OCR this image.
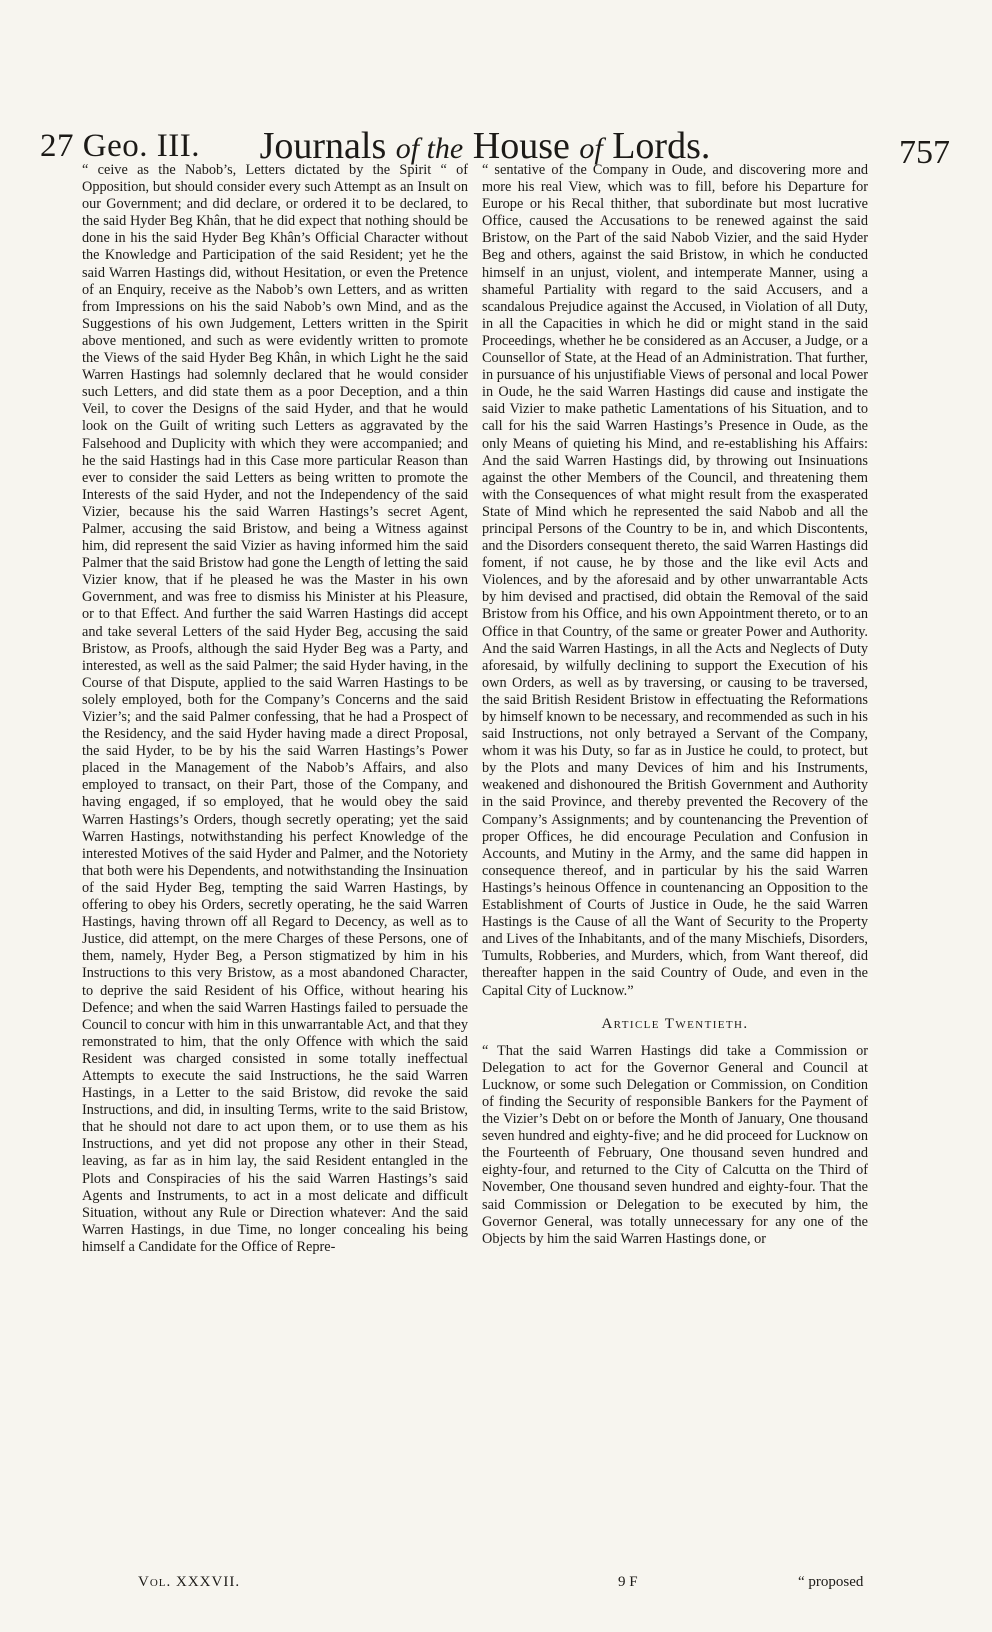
27 Geo. III.	Journals of the House of Lords.	757

“ ceive as the Nabob’s, Letters dictated by the Spirit “ of Opposition, but should consider every such Attempt as an Insult on our Government; and did declare, or ordered it to be declared, to the said Hyder Beg Khân, that he did expect that nothing should be done in his the said Hyder Beg Khân’s Official Character without the Knowledge and Participation of the said Resident; yet he the said Warren Hastings did, without Hesitation, or even the Pretence of an Enquiry, receive as the Nabob’s own Letters, and as written from Impressions on his the said Nabob’s own Mind, and as the Suggestions of his own Judgement, Letters written in the Spirit above mentioned, and such as were evidently written to promote the Views of the said Hyder Beg Khân, in which Light he the said Warren Hastings had solemnly declared that he would consider such Letters, and did state them as a poor Deception, and a thin Veil, to cover the Designs of the said Hyder, and that he would look on the Guilt of writing such Letters as aggravated by the Falsehood and Duplicity with which they were accompanied; and he the said Hastings had in this Case more particular Reason than ever to consider the said Letters as being written to promote the Interests of the said Hyder, and not the Independency of the said Vizier, because his the said Warren Hastings’s secret Agent, Palmer, accusing the said Bristow, and being a Witness against him, did represent the said Vizier as having informed him the said Palmer that the said Bristow had gone the Length of letting the said Vizier know, that if he pleased he was the Master in his own Government, and was free to dismiss his Minister at his Pleasure, or to that Effect. And further the said Warren Hastings did accept and take several Letters of the said Hyder Beg, accusing the said Bristow, as Proofs, although the said Hyder Beg was a Party, and interested, as well as the said Palmer; the said Hyder having, in the Course of that Dispute, applied to the said Warren Hastings to be solely employed, both for the Company’s Concerns and the said Vizier’s; and the said Palmer confessing, that he had a Prospect of the Residency, and the said Hyder having made a direct Proposal, the said Hyder, to be by his the said Warren Hastings’s Power placed in the Management of the Nabob’s Affairs, and also employed to transact, on their Part, those of the Company, and having engaged, if so employed, that he would obey the said Warren Hastings’s Orders, though secretly operating; yet the said Warren Hastings, notwithstanding his perfect Knowledge of the interested Motives of the said Hyder and Palmer, and the Notoriety that both were his Dependents, and notwithstanding the Insinuation of the said Hyder Beg, tempting the said Warren Hastings, by offering to obey his Orders, secretly operating, he the said Warren Hastings, having thrown off all Regard to Decency, as well as to Justice, did attempt, on the mere Charges of these Persons, one of them, namely, Hyder Beg, a Person stigmatized by him in his Instructions to this very Bristow, as a most abandoned Character, to deprive the said Resident of his Office, without hearing his Defence; and when the said Warren Hastings failed to persuade the Council to concur with him in this unwarrantable Act, and that they remonstrated to him, that the only Offence with which the said Resident was charged consisted in some totally ineffectual Attempts to execute the said Instructions, he the said Warren Hastings, in a Letter to the said Bristow, did revoke the said Instructions, and did, in insulting Terms, write to the said Bristow, that he should not dare to act upon them, or to use them as his Instructions, and yet did not propose any other in their Stead, leaving, as far as in him lay, the said Resident entangled in the Plots and Conspiracies of his the said Warren Hastings’s said Agents and Instruments, to act in a most delicate and difficult Situation, without any Rule or Direction whatever: And the said Warren Hastings, in due Time, no longer concealing his being himself a Candidate for the Office of Repre-

“ sentative of the Company in Oude, and discovering more and more his real View, which was to fill, before his Departure for Europe or his Recal thither, that subordinate but most lucrative Office, caused the Accusations to be renewed against the said Bristow, on the Part of the said Nabob Vizier, and the said Hyder Beg and others, against the said Bristow, in which he conducted himself in an unjust, violent, and intemperate Manner, using a shameful Partiality with regard to the said Accusers, and a scandalous Prejudice against the Accused, in Violation of all Duty, in all the Capacities in which he did or might stand in the said Proceedings, whether he be considered as an Accuser, a Judge, or a Counsellor of State, at the Head of an Administration. That further, in pursuance of his unjustifiable Views of personal and local Power in Oude, he the said Warren Hastings did cause and instigate the said Vizier to make pathetic Lamentations of his Situation, and to call for his the said Warren Hastings’s Presence in Oude, as the only Means of quieting his Mind, and re-establishing his Affairs: And the said Warren Hastings did, by throwing out Insinuations against the other Members of the Council, and threatening them with the Consequences of what might result from the exasperated State of Mind which he represented the said Nabob and all the principal Persons of the Country to be in, and which Discontents, and the Disorders consequent thereto, the said Warren Hastings did foment, if not cause, he by those and the like evil Acts and Violences, and by the aforesaid and by other unwarrantable Acts by him devised and practised, did obtain the Removal of the said Bristow from his Office, and his own Appointment thereto, or to an Office in that Country, of the same or greater Power and Authority. And the said Warren Hastings, in all the Acts and Neglects of Duty aforesaid, by wilfully declining to support the Execution of his own Orders, as well as by traversing, or causing to be traversed, the said British Resident Bristow in effectuating the Reformations by himself known to be necessary, and recommended as such in his said Instructions, not only betrayed a Servant of the Company, whom it was his Duty, so far as in Justice he could, to protect, but by the Plots and many Devices of him and his Instruments, weakened and dishonoured the British Government and Authority in the said Province, and thereby prevented the Recovery of the Company’s Assignments; and by countenancing the Prevention of proper Offices, he did encourage Peculation and Confusion in Accounts, and Mutiny in the Army, and the same did happen in consequence thereof, and in particular by his the said Warren Hastings’s heinous Offence in countenancing an Opposition to the Establishment of Courts of Justice in Oude, he the said Warren Hastings is the Cause of all the Want of Security to the Property and Lives of the Inhabitants, and of the many Mischiefs, Disorders, Tumults, Robberies, and Murders, which, from Want thereof, did thereafter happen in the said Country of Oude, and even in the Capital City of Lucknow.”

Article Twentieth.

“ That the said Warren Hastings did take a Commission or Delegation to act for the Governor General and Council at Lucknow, or some such Delegation or Commission, on Condition of finding the Security of responsible Bankers for the Payment of the Vizier’s Debt on or before the Month of January, One thousand seven hundred and eighty-five; and he did proceed for Lucknow on the Fourteenth of February, One thousand seven hundred and eighty-four, and returned to the City of Calcutta on the Third of November, One thousand seven hundred and eighty-four. That the said Commission or Delegation to be executed by him, the Governor General, was totally unnecessary for any one of the Objects by him the said Warren Hastings done, or

Vol. XXXVII.	9 F	“ proposed
